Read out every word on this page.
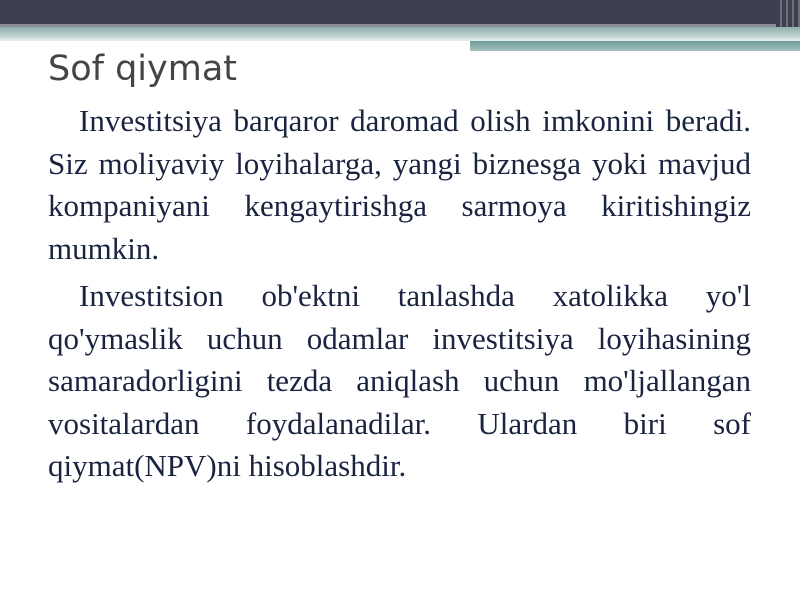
Sof qiymat

Investitsiya barqaror daromad olish imkonini beradi. Siz moliyaviy loyihalarga, yangi biznesga yoki mavjud kompaniyani kengaytirishga sarmoya kiritishingiz mumkin.

Investitsion ob'ektni tanlashda xatolikka yo'l qo'ymaslik uchun odamlar investitsiya loyihasining samaradorligini tezda aniqlash uchun mo'ljallangan vositalardan foydalanadilar. Ulardan biri sof qiymat(NPV)ni hisoblashdir.
